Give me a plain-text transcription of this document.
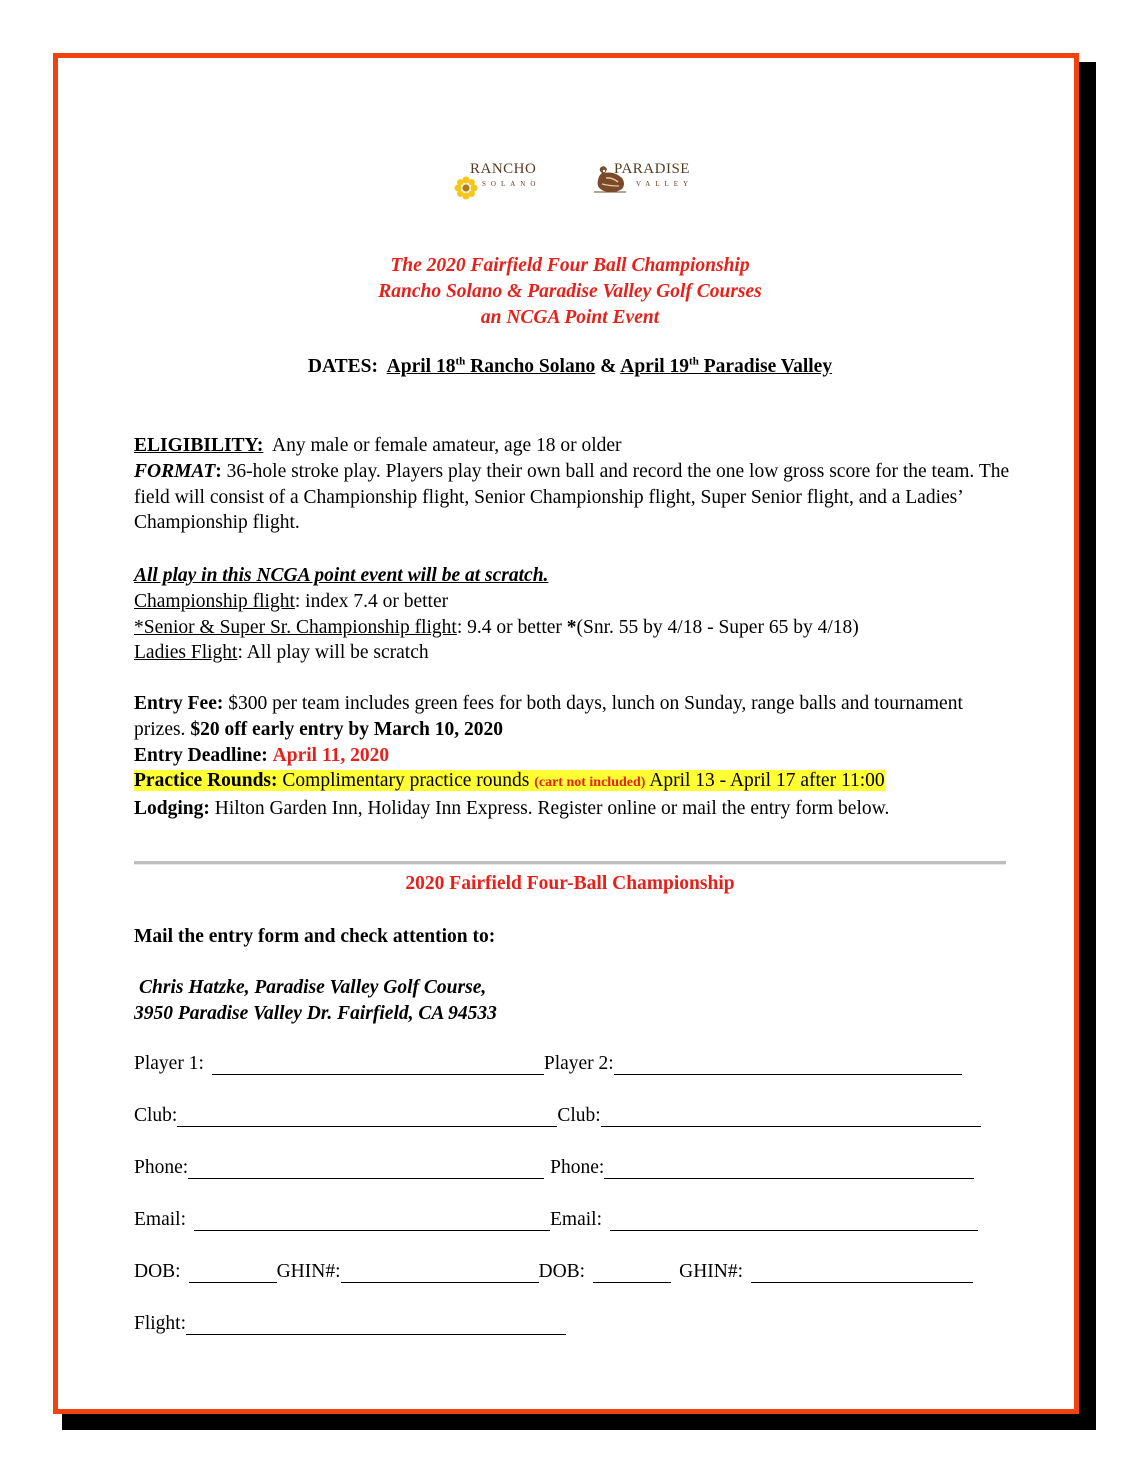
RANCHO
SOLANO
PARADISE
VALLEY
The 2020 Fairfield Four Ball Championship
Rancho Solano & Paradise Valley Golf Courses
an NCGA Point Event
DATES: April 18th Rancho Solano & April 19th Paradise Valley
ELIGIBILITY: Any male or female amateur, age 18 or older
FORMAT: 36-hole stroke play. Players play their own ball and record the one low gross score for the team. The field will consist of a Championship flight, Senior Championship flight, Super Senior flight, and a Ladies’ Championship flight.
All play in this NCGA point event will be at scratch.
Championship flight: index 7.4 or better
*Senior & Super Sr. Championship flight: 9.4 or better *(Snr. 55 by 4/18 - Super 65 by 4/18)
Ladies Flight: All play will be scratch
Entry Fee: $300 per team includes green fees for both days, lunch on Sunday, range balls and tournament prizes. $20 off early entry by March 10, 2020
Entry Deadline: April 11, 2020
Practice Rounds: Complimentary practice rounds (cart not included) April 13 - April 17 after 11:00
Lodging: Hilton Garden Inn, Holiday Inn Express. Register online or mail the entry form below.
2020 Fairfield Four-Ball Championship
Mail the entry form and check attention to:
Chris Hatzke, Paradise Valley Golf Course,
3950 Paradise Valley Dr. Fairfield, CA 94533
Player 1:	Player 2:
Club:	Club:
Phone:	Phone:
Email:	Email:
DOB:	GHIN#:	DOB:	GHIN#:
Flight:
